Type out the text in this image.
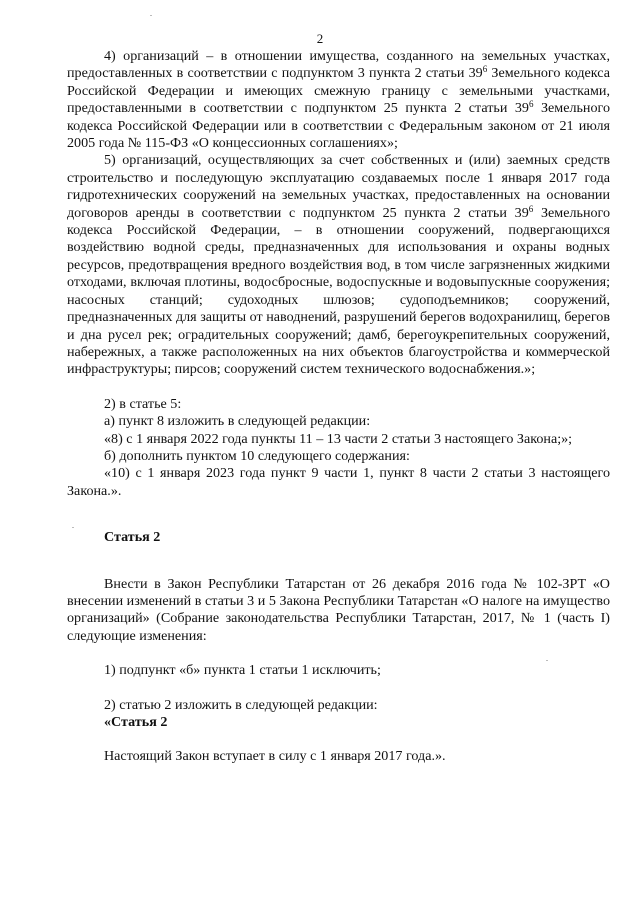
2

4) организаций – в отношении имущества, созданного на земельных участках, предоставленных в соответствии с подпунктом 3 пункта 2 статьи $39^6$ Земельного кодекса Российской Федерации и имеющих смежную границу с земельными участками, предоставленными в соответствии с подпунктом 25 пункта 2 статьи $39^6$ Земельного кодекса Российской Федерации или в соответствии с Федеральным законом от 21 июля 2005 года № 115-ФЗ «О концессионных соглашениях»;

5) организаций, осуществляющих за счет собственных и (или) заемных средств строительство и последующую эксплуатацию создаваемых после 1 января 2017 года гидротехнических сооружений на земельных участках, предоставленных на основании договоров аренды в соответствии с подпунктом 25 пункта 2 статьи $39^6$ Земельного кодекса Российской Федерации, – в отношении сооружений, подвергающихся воздействию водной среды, предназначенных для использования и охраны водных ресурсов, предотвращения вредного воздействия вод, в том числе загрязненных жидкими отходами, включая плотины, водосбросные, водоспускные и водовыпускные сооружения; насосных станций; судоходных шлюзов; судоподъемников; сооружений, предназначенных для защиты от наводнений, разрушений берегов водохранилищ, берегов и дна русел рек; оградительных сооружений; дамб, берегоукрепительных сооружений, набережных, а также расположенных на них объектов благоустройства и коммерческой инфраструктуры; пирсов; сооружений систем технического водоснабжения.»;

2) в статье 5:

а) пункт 8 изложить в следующей редакции:

«8) с 1 января 2022 года пункты 11 – 13 части 2 статьи 3 настоящего Закона;»;

б) дополнить пунктом 10 следующего содержания:

«10) с 1 января 2023 года пункт 9 части 1, пункт 8 части 2 статьи 3 настоящего Закона.».

Статья 2

Внести в Закон Республики Татарстан от 26 декабря 2016 года № 102-ЗРТ «О внесении изменений в статьи 3 и 5 Закона Республики Татарстан «О налоге на имущество организаций» (Собрание законодательства Республики Татарстан, 2017, № 1 (часть I) следующие изменения:

1) подпункт «б» пункта 1 статьи 1 исключить;

2) статью 2 изложить в следующей редакции:

«Статья 2

Настоящий Закон вступает в силу с 1 января 2017 года.».
